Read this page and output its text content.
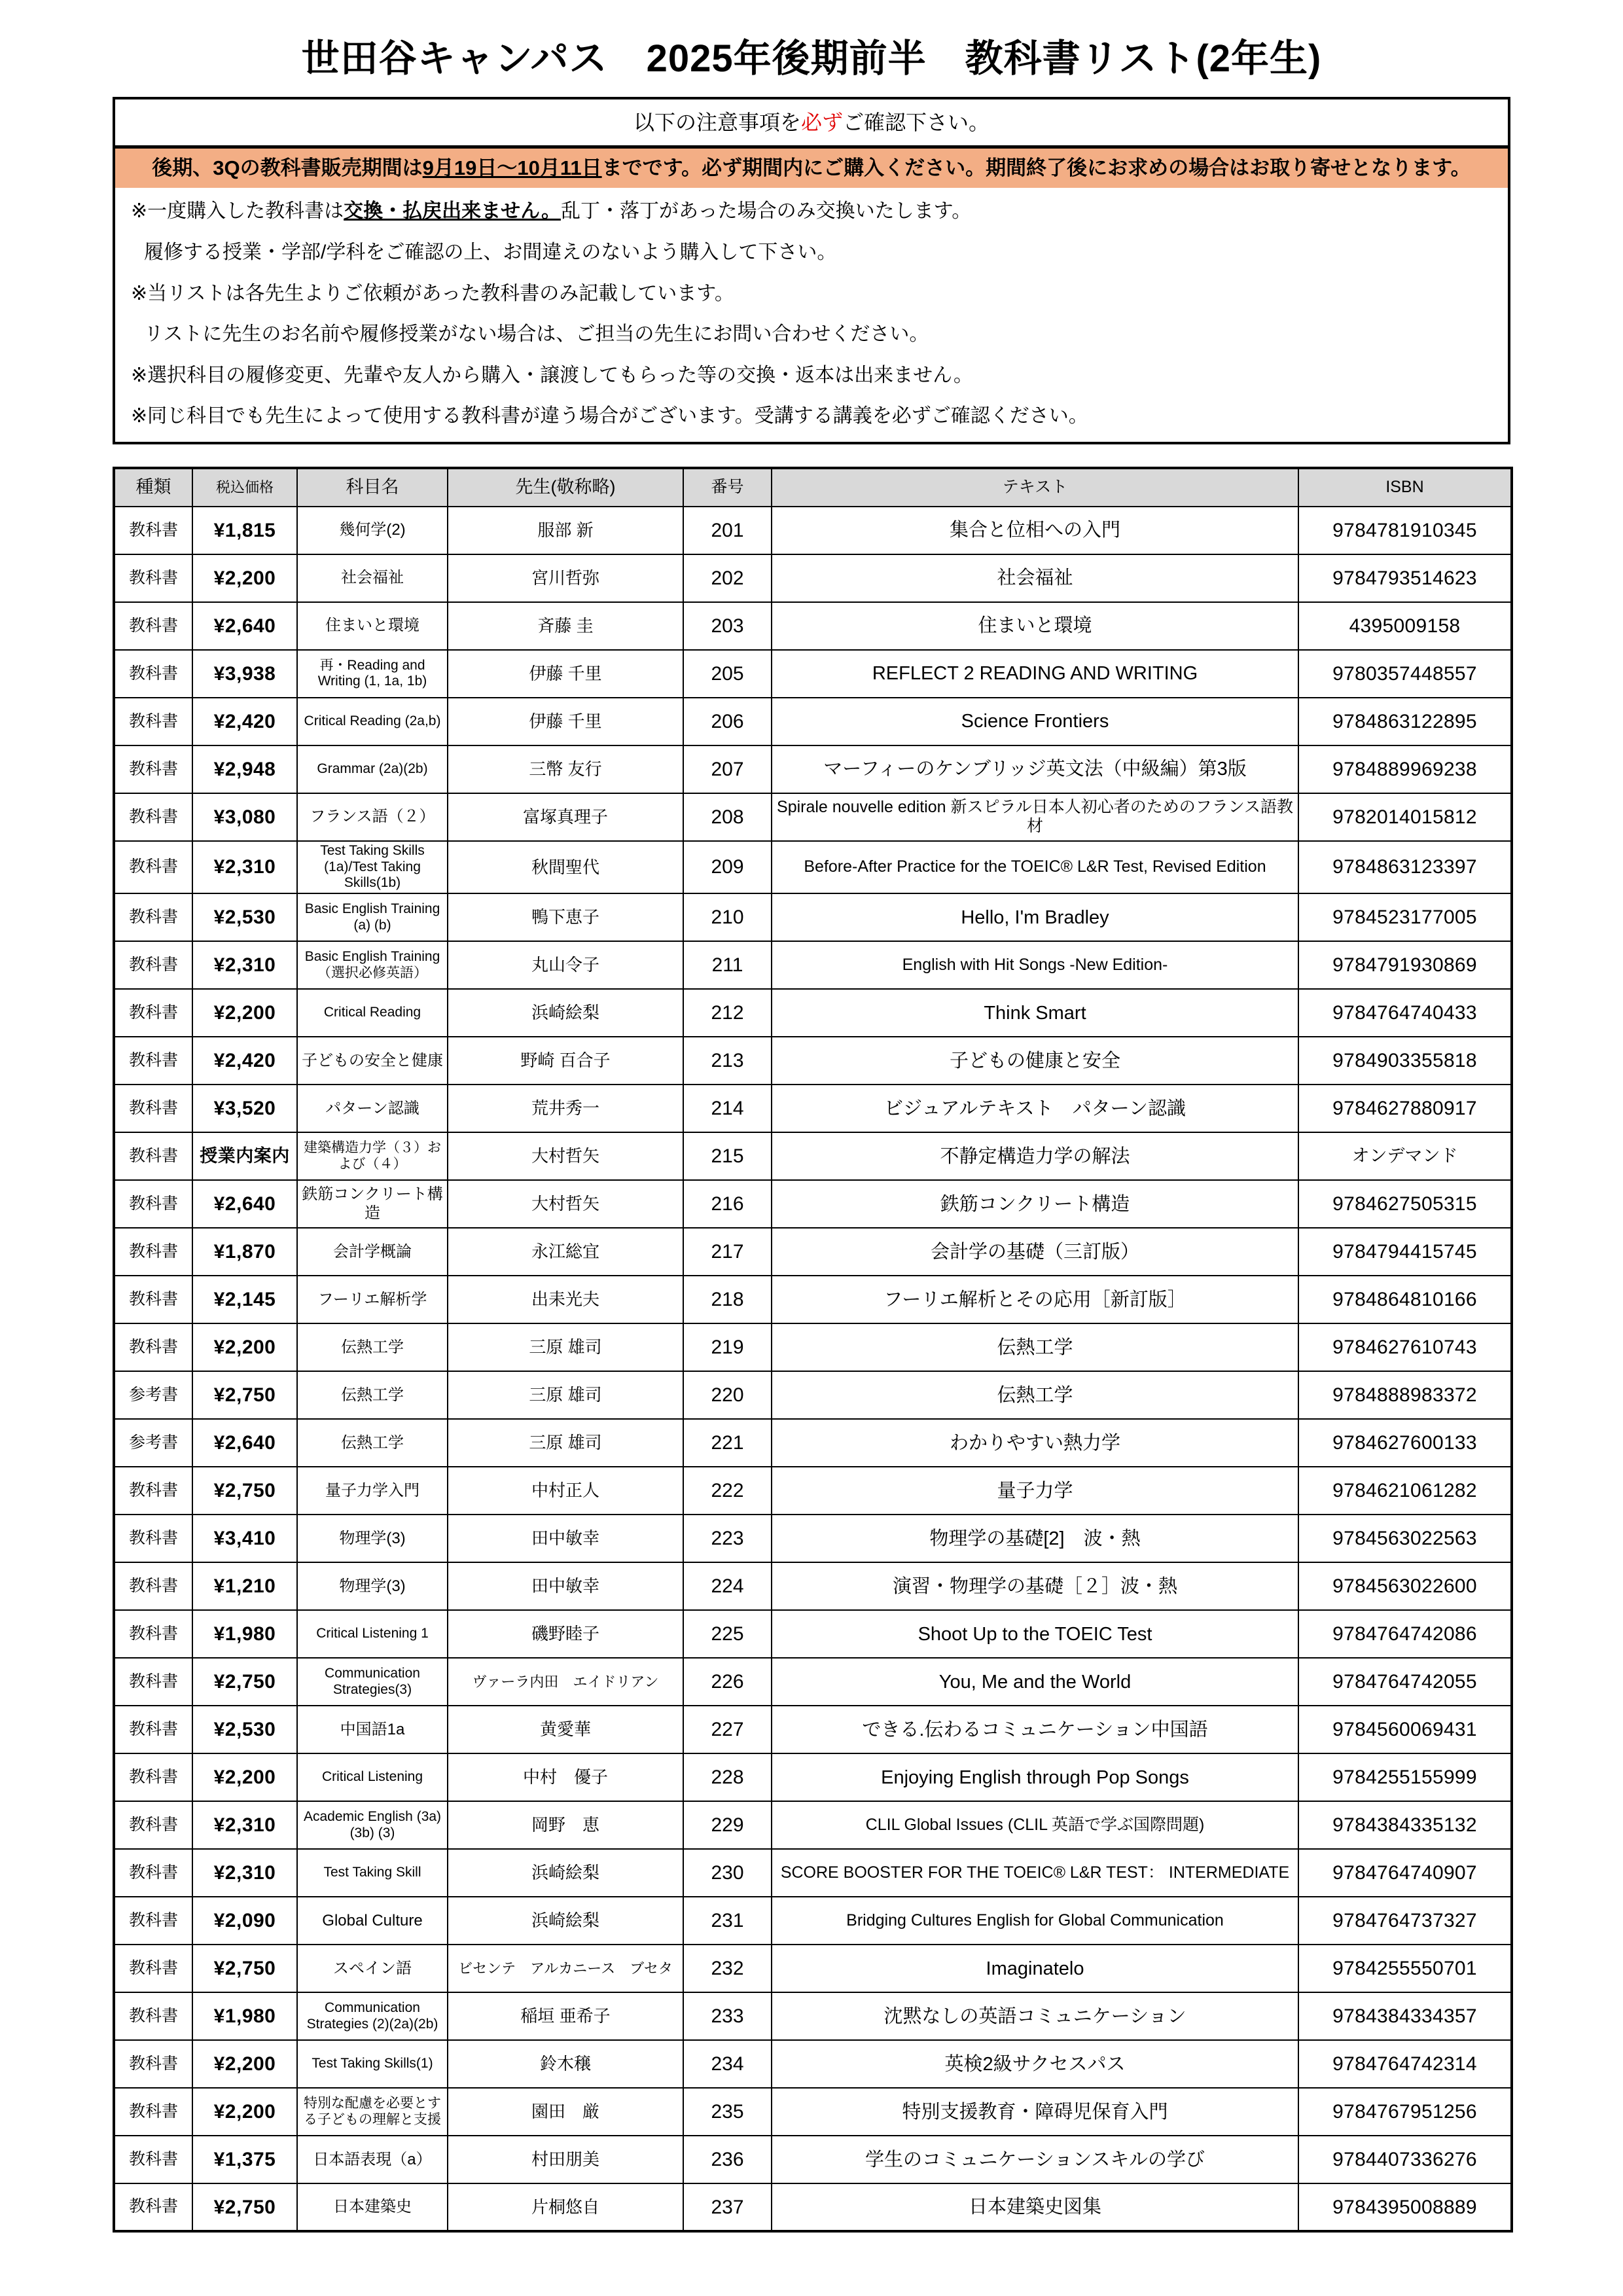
世田谷キャンパス　2025年後期前半　教科書リスト(2年生)
以下の注意事項を必ずご確認下さい。
後期、3Qの教科書販売期間は9月19日～10月11日までです。必ず期間内にご購入ください。期間終了後にお求めの場合はお取り寄せとなります。
※一度購入した教科書は交換・払戻出来ません。乱丁・落丁があった場合のみ交換いたします。
履修する授業・学部/学科をご確認の上、お間違えのないよう購入して下さい。
※当リストは各先生よりご依頼があった教科書のみ記載しています。
リストに先生のお名前や履修授業がない場合は、ご担当の先生にお問い合わせください。
※選択科目の履修変更、先輩や友人から購入・譲渡してもらった等の交換・返本は出来ません。
※同じ科目でも先生によって使用する教科書が違う場合がございます。受講する講義を必ずご確認ください。
種類	税込価格	科目名	先生(敬称略)	番号	テキスト	ISBN
教科書	¥1,815	幾何学(2)	服部 新	201	集合と位相への入門	9784781910345
教科書	¥2,200	社会福祉	宮川哲弥	202	社会福祉	9784793514623
教科書	¥2,640	住まいと環境	斉藤 圭	203	住まいと環境	4395009158
教科書	¥3,938	再・Reading and Writing (1, 1a, 1b)	伊藤 千里	205	REFLECT 2 READING AND WRITING	9780357448557
教科書	¥2,420	Critical Reading (2a,b)	伊藤 千里	206	Science Frontiers	9784863122895
教科書	¥2,948	Grammar (2a)(2b)	三幣 友行	207	マーフィーのケンブリッジ英文法（中級編）第3版	9784889969238
教科書	¥3,080	フランス語（２）	富塚真理子	208	Spirale nouvelle edition 新スピラル日本人初心者のためのフランス語教材	9782014015812
教科書	¥2,310	Test Taking Skills (1a)/Test Taking Skills(1b)	秋間聖代	209	Before-After Practice for the TOEIC® L&R Test, Revised Edition	9784863123397
教科書	¥2,530	Basic English Training (a) (b)	鴨下恵子	210	Hello, I'm Bradley	9784523177005
教科書	¥2,310	Basic English Training（選択必修英語）	丸山令子	211	English with Hit Songs -New Edition-	9784791930869
教科書	¥2,200	Critical Reading	浜崎絵梨	212	Think Smart	9784764740433
教科書	¥2,420	子どもの安全と健康	野崎 百合子	213	子どもの健康と安全	9784903355818
教科書	¥3,520	パターン認識	荒井秀一	214	ビジュアルテキスト　パターン認識	9784627880917
教科書	授業内案内	建築構造力学（３）および（４）	大村哲矢	215	不静定構造力学の解法	オンデマンド
教科書	¥2,640	鉄筋コンクリート構造	大村哲矢	216	鉄筋コンクリート構造	9784627505315
教科書	¥1,870	会計学概論	永江総宜	217	会計学の基礎（三訂版）	9784794415745
教科書	¥2,145	フーリエ解析学	出耒光夫	218	フーリエ解析とその応用［新訂版］	9784864810166
教科書	¥2,200	伝熱工学	三原 雄司	219	伝熱工学	9784627610743
参考書	¥2,750	伝熱工学	三原 雄司	220	伝熱工学	9784888983372
参考書	¥2,640	伝熱工学	三原 雄司	221	わかりやすい熱力学	9784627600133
教科書	¥2,750	量子力学入門	中村正人	222	量子力学	9784621061282
教科書	¥3,410	物理学(3)	田中敏幸	223	物理学の基礎[2]　波・熱	9784563022563
教科書	¥1,210	物理学(3)	田中敏幸	224	演習・物理学の基礎［２］波・熱	9784563022600
教科書	¥1,980	Critical Listening 1	磯野睦子	225	Shoot Up to the TOEIC Test	9784764742086
教科書	¥2,750	Communication Strategies(3)	ヴァーラ内田　エイドリアン	226	You, Me and the World	9784764742055
教科書	¥2,530	中国語1a	黄愛華	227	できる.伝わるコミュニケーション中国語	9784560069431
教科書	¥2,200	Critical Listening	中村　優子	228	Enjoying English through Pop Songs	9784255155999
教科書	¥2,310	Academic English (3a) (3b) (3)	岡野　恵	229	CLIL Global Issues (CLIL 英語で学ぶ国際問題)	9784384335132
教科書	¥2,310	Test Taking Skill	浜崎絵梨	230	SCORE BOOSTER FOR THE TOEIC® L&R TEST： INTERMEDIATE	9784764740907
教科書	¥2,090	Global Culture	浜崎絵梨	231	Bridging Cultures English for Global Communication	9784764737327
教科書	¥2,750	スペイン語	ビセンテ　アルカニース　ブセタ	232	Imaginatelo	9784255550701
教科書	¥1,980	Communication Strategies (2)(2a)(2b)	稲垣 亜希子	233	沈黙なしの英語コミュニケーション	9784384334357
教科書	¥2,200	Test Taking Skills(1)	鈴木穣	234	英検2級サクセスパス	9784764742314
教科書	¥2,200	特別な配慮を必要とする子どもの理解と支援	園田　厳	235	特別支援教育・障碍児保育入門	9784767951256
教科書	¥1,375	日本語表現（a）	村田朋美	236	学生のコミュニケーションスキルの学び	9784407336276
教科書	¥2,750	日本建築史	片桐悠自	237	日本建築史図集	9784395008889
